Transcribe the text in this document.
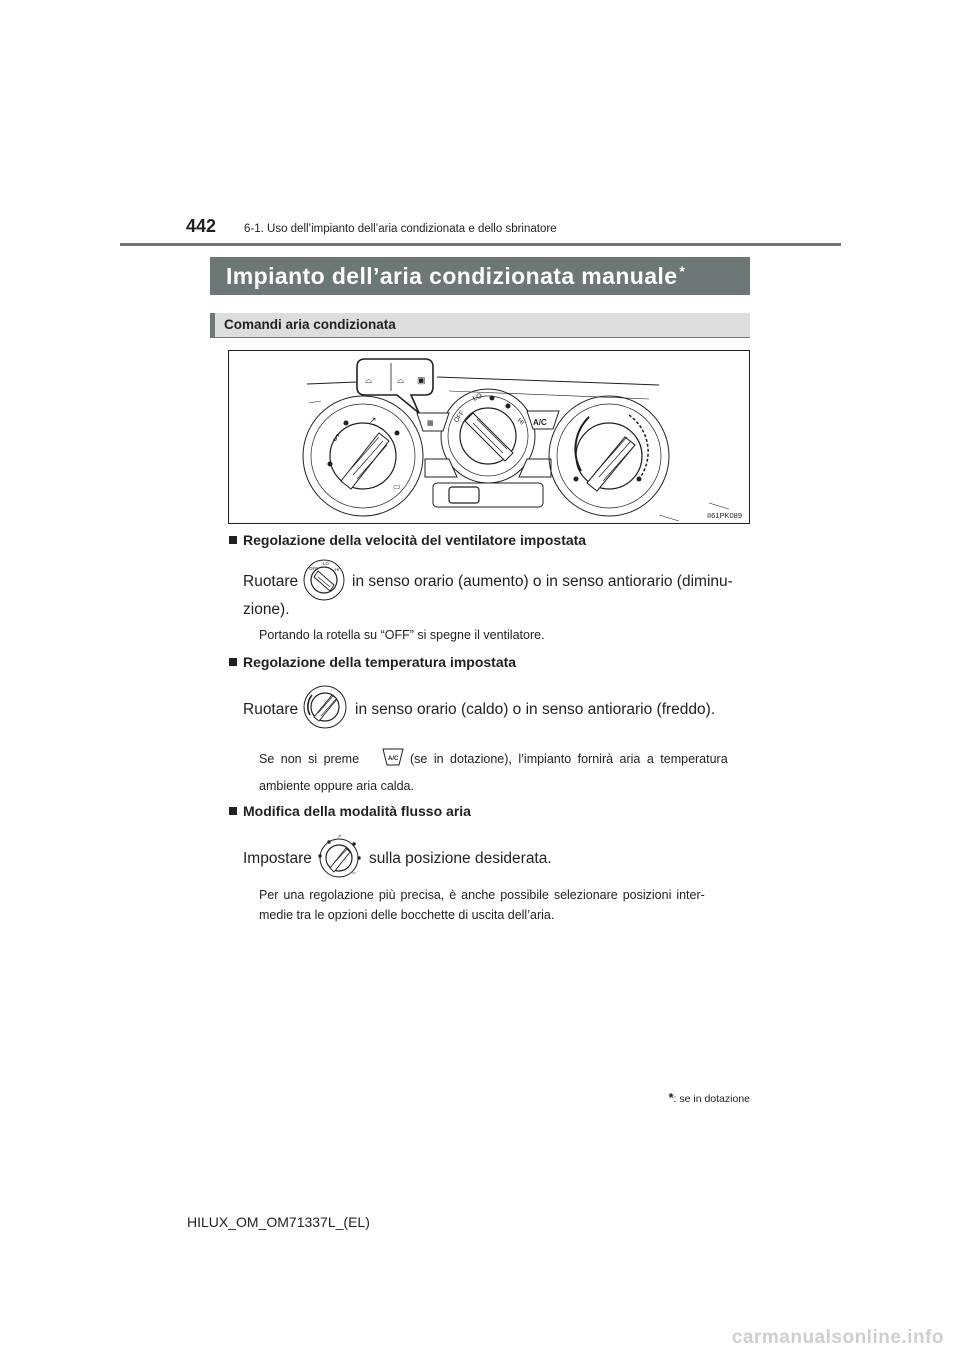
442 6-1. Uso dell’impianto dell’aria condizionata e dello sbrinatore
Impianto dell’aria condizionata manuale *
Comandi aria condizionata
ᔑ
↗
▭
OFF
LO
HI
▦	A/C
⌓	⌓ ▣
II61PK089
Regolazione della velocità del ventilatore impostata
Ruotare
OFF
LO
HI
in senso orario (aumento) o in senso antiorario (diminu-
zione).
Portando la rotella su “OFF” si spegne il ventilatore.
Regolazione della temperatura impostata
Ruotare	in senso orario (caldo) o in senso antiorario (freddo).
Se non si preme	A/C (se in dotazione), l’impianto fornirà aria a temperatura
ambiente oppure aria calda.
Modifica della modalità flusso aria
Impostare
↗
▭
sulla posizione desiderata.
Per una regolazione più precisa, è anche possibile selezionare posizioni inter-
medie tra le opzioni delle bocchette di uscita dell’aria.
*: se in dotazione
HILUX_OM_OM71337L_(EL)
carmanualsonline.info
